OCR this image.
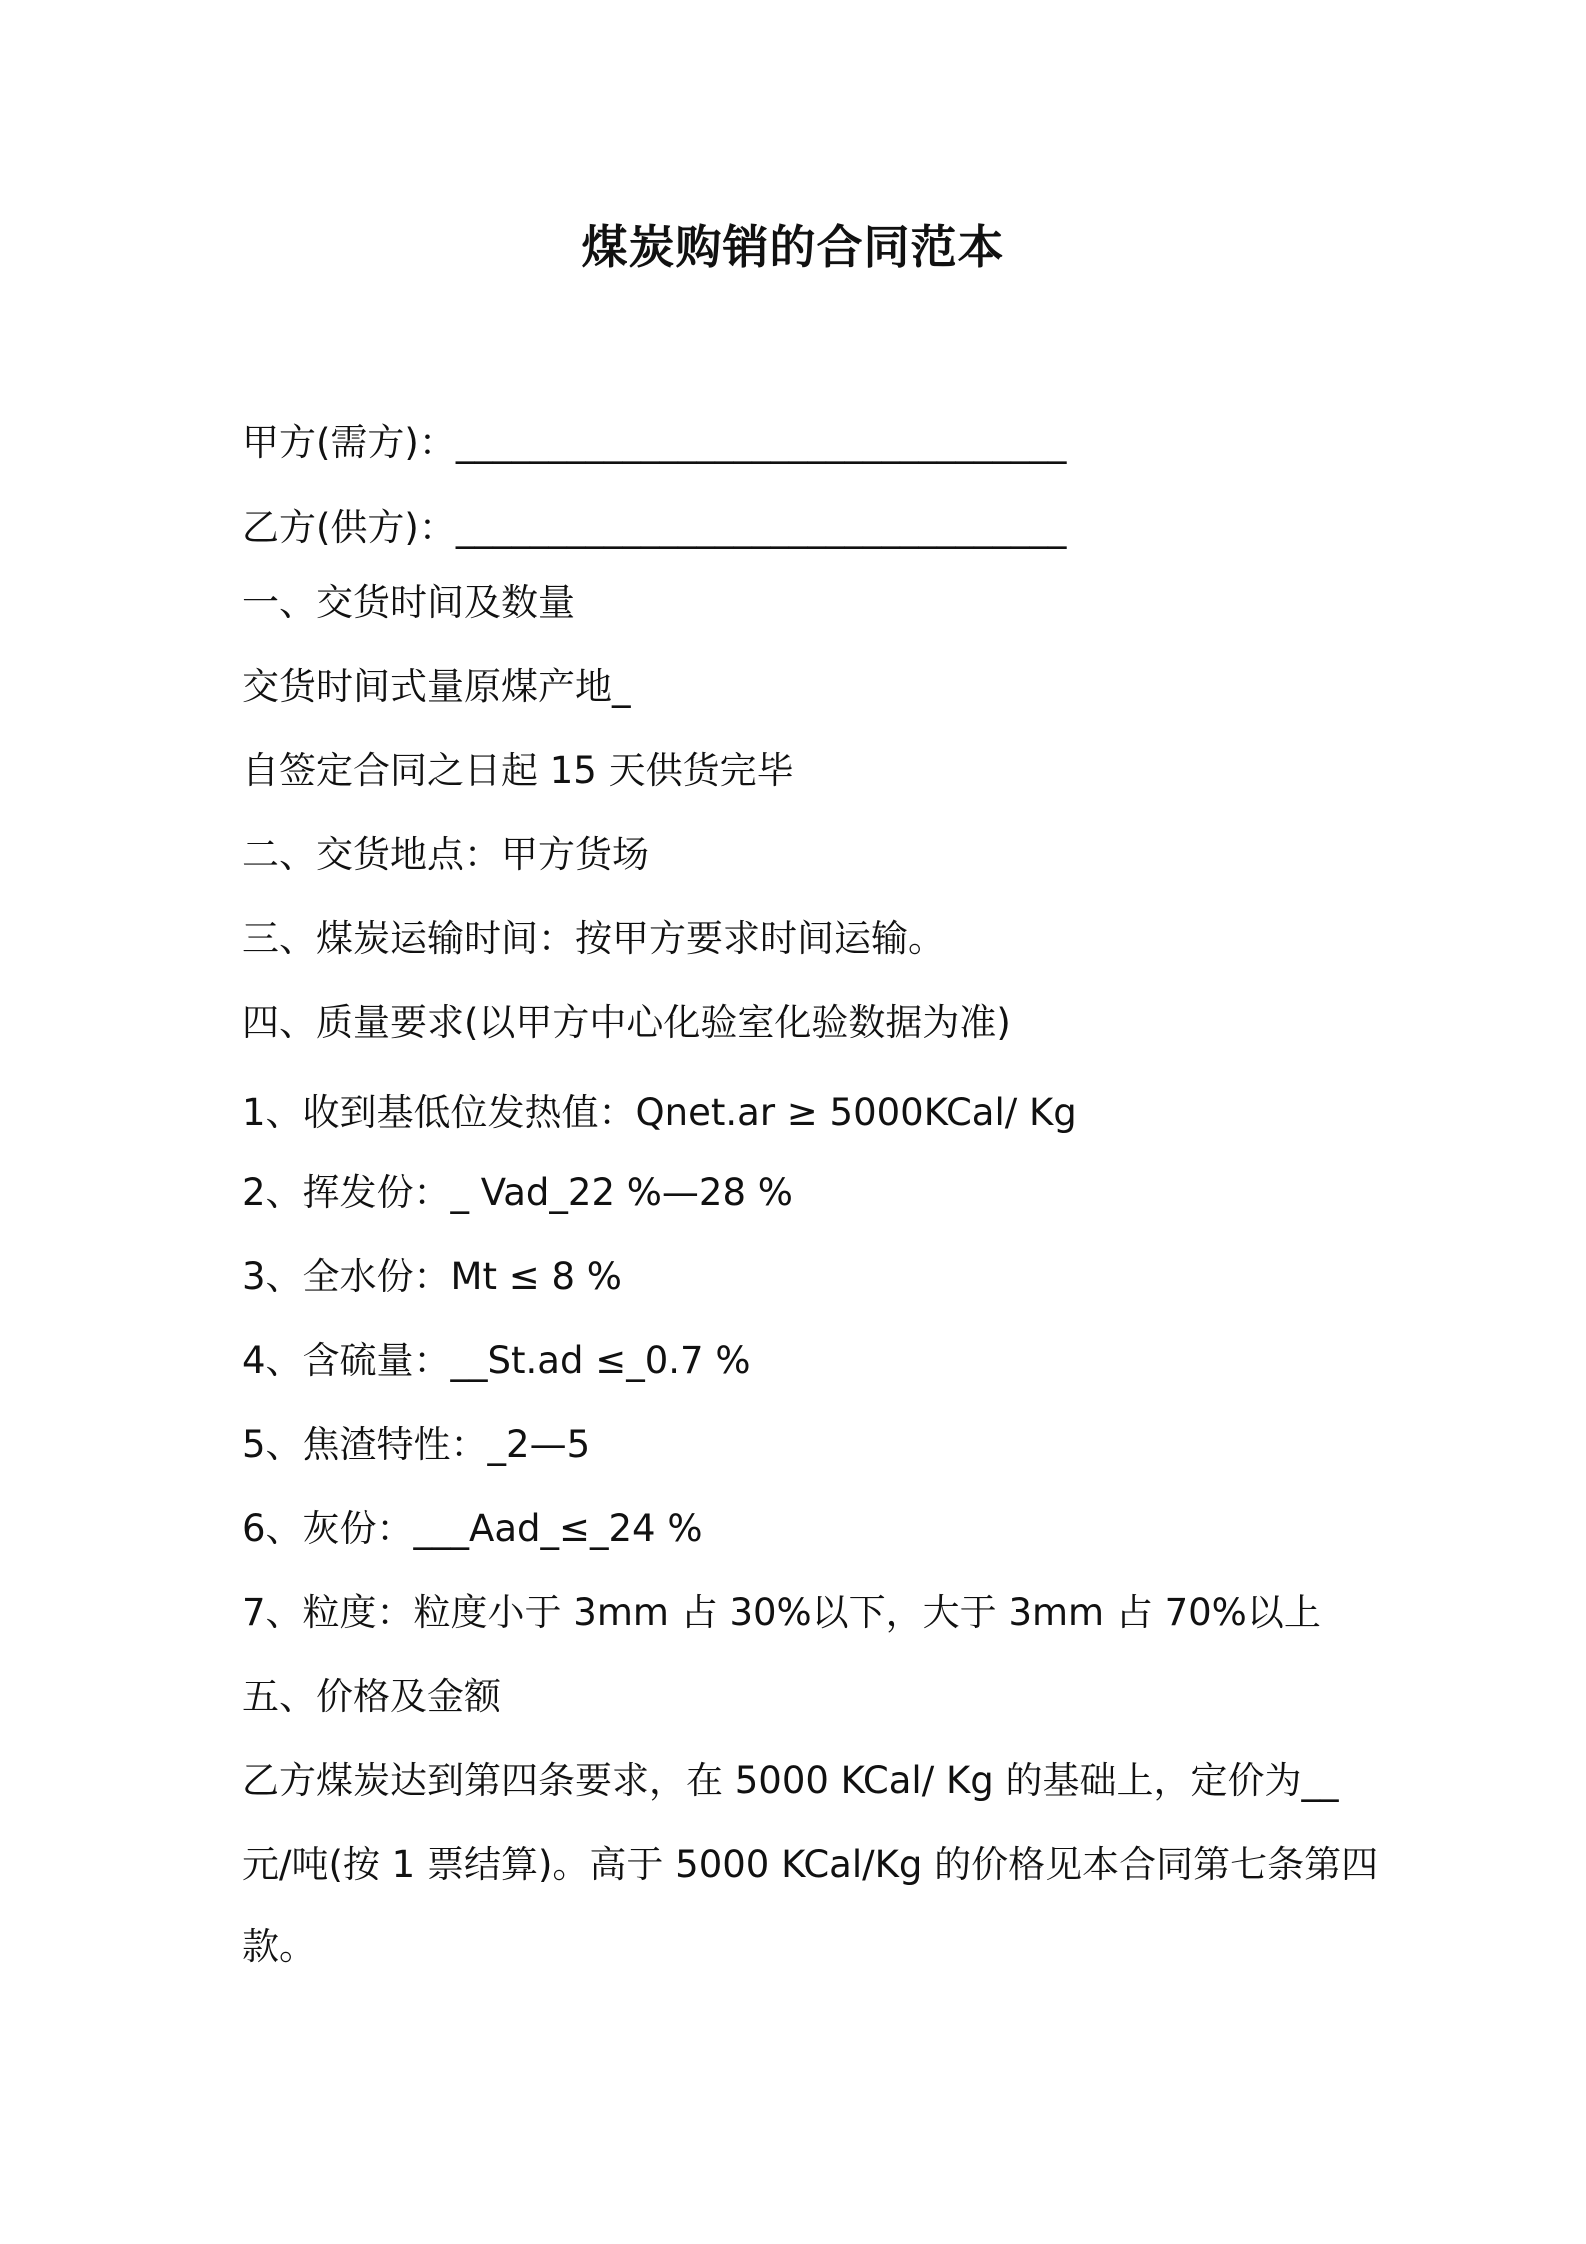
煤炭购销的合同范本
甲方(需方)：_________________________________
乙方(供方)：_________________________________
一、交货时间及数量
交货时间式量原煤产地_
自签定合同之日起 15 天供货完毕
二、交货地点：甲方货场
三、煤炭运输时间：按甲方要求时间运输。
四、质量要求(以甲方中心化验室化验数据为准)
1、收到基低位发热值：Qnet.ar ≥ 5000KCal/ Kg
2、挥发份：_ Vad_22 %—28 %
3、全水份：Mt ≤ 8 %
4、含硫量：__St.ad ≤_0.7 %
5、焦渣特性：_2—5
6、灰份：___Aad_≤_24 %
7、粒度：粒度小于 3mm 占 30%以下，大于 3mm 占 70%以上
五、价格及金额
乙方煤炭达到第四条要求，在 5000 KCal/ Kg 的基础上，定价为__
元/吨(按 1 票结算)。高于 5000 KCal/Kg 的价格见本合同第七条第四
款。
